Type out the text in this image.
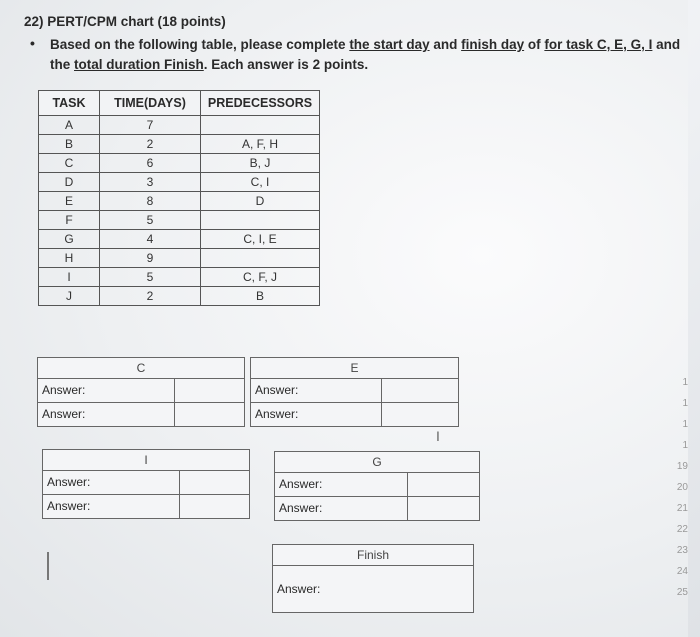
22) PERT/CPM chart (18 points)
•	Based on the following table, please complete the start day and finish day of for task C, E, G, I and the total duration Finish. Each answer is 2 points.
TASK	TIME(DAYS)	PREDECESSORS
A	7	
B	2	A, F, H
C	6	B, J
D	3	C, I
E	8	D
F	5	
G	4	C, I, E
H	9	
I	5	C, F, J
J	2	B
C
Answer:
Answer:
E
Answer:
Answer:
I
I
Answer:
Answer:
G
Answer:
Answer:
Finish
Answer:
1
1
1
1
19
20
21
22
23
24
25
